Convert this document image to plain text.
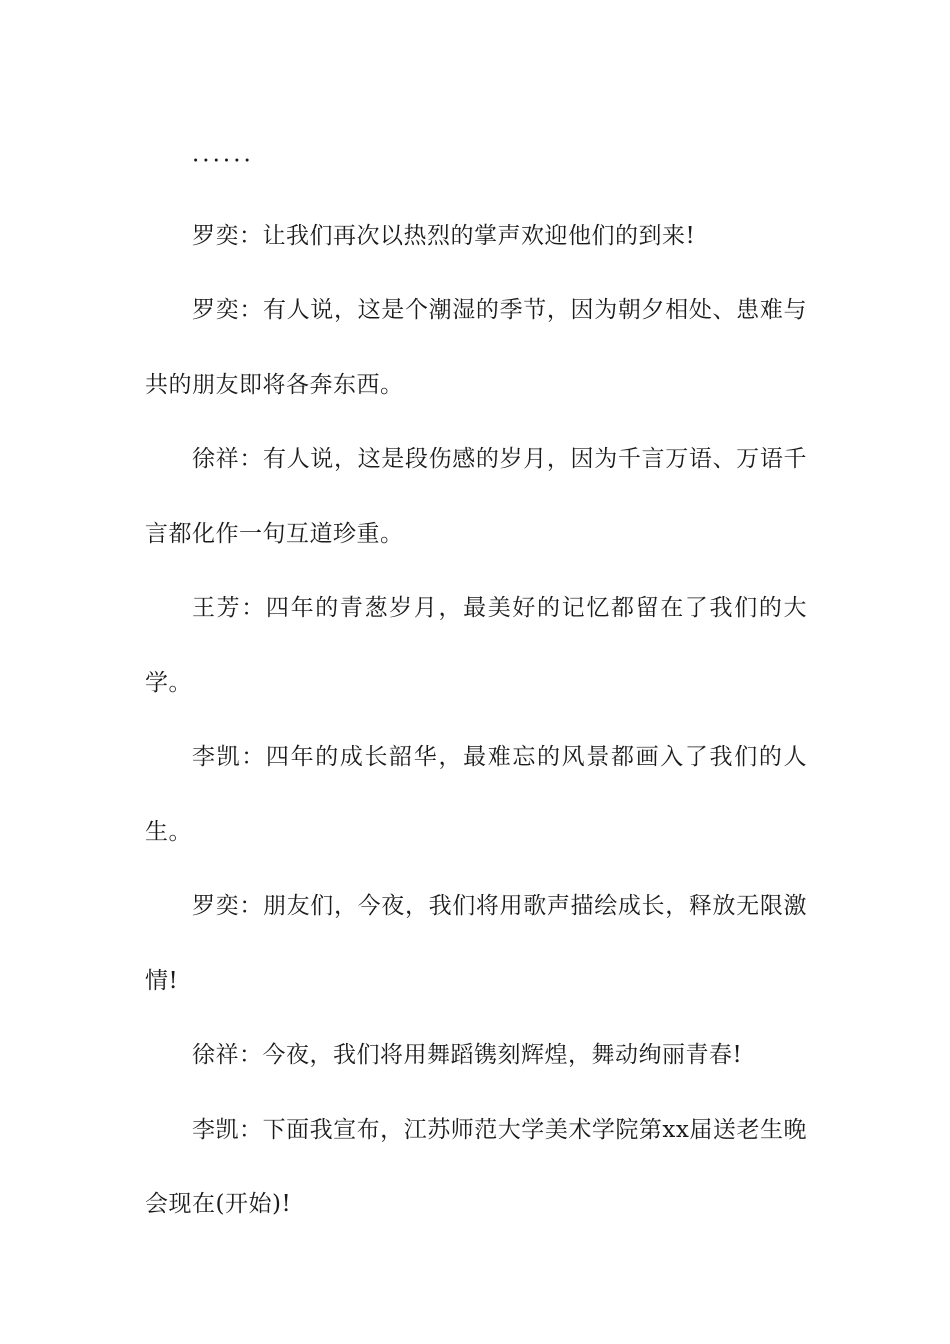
······

罗奕：让我们再次以热烈的掌声欢迎他们的到来!

罗奕：有人说，这是个潮湿的季节，因为朝夕相处、患难与共的朋友即将各奔东西。

徐祥：有人说，这是段伤感的岁月，因为千言万语、万语千言都化作一句互道珍重。

王芳：四年的青葱岁月，最美好的记忆都留在了我们的大学。

李凯：四年的成长韶华，最难忘的风景都画入了我们的人生。

罗奕：朋友们，今夜，我们将用歌声描绘成长，释放无限激情!

徐祥：今夜，我们将用舞蹈镌刻辉煌，舞动绚丽青春!

李凯：下面我宣布，江苏师范大学美术学院第xx届送老生晚会现在(开始)!
